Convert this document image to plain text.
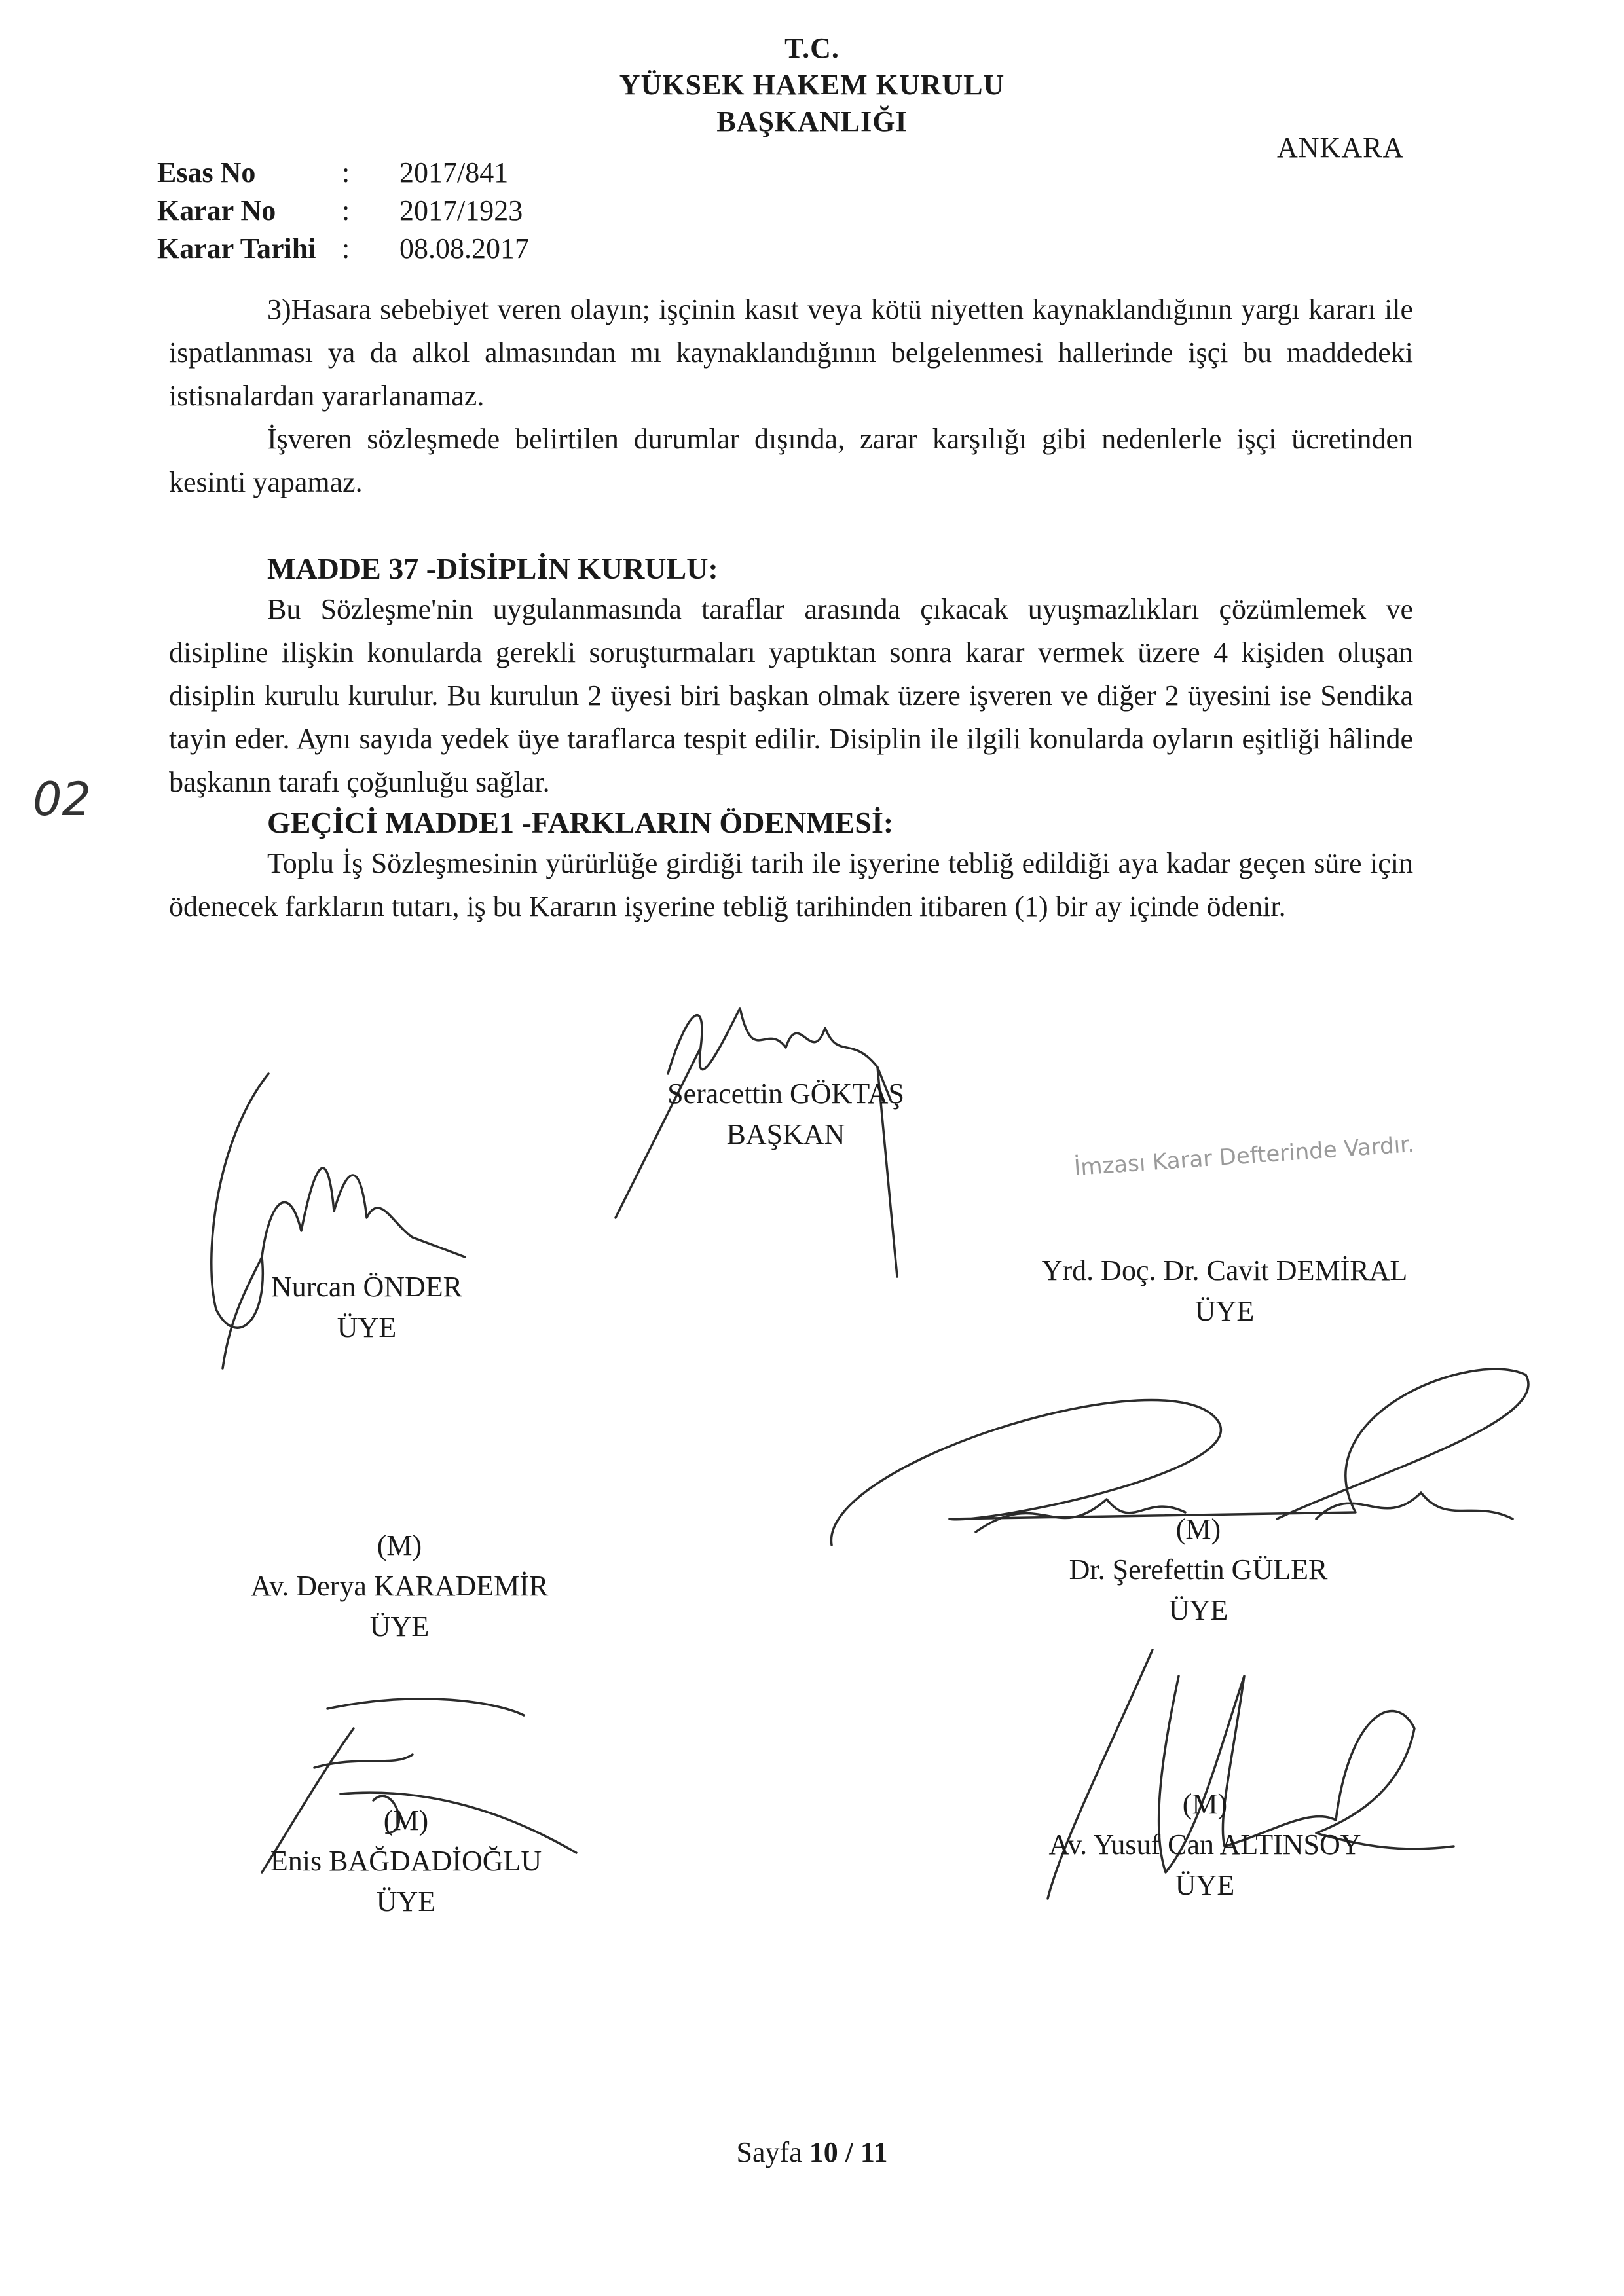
T.C.
YÜKSEK HAKEM KURULU
BAŞKANLIĞI
ANKARA
Esas No	: 2017/841
Karar No : 2017/1923
Karar Tarihi : 08.08.2017

3)Hasara sebebiyet veren olayın; işçinin kasıt veya kötü niyetten kaynaklandığının yargı kararı ile ispatlanması ya da alkol almasından mı kaynaklandığının belgelenmesi hallerinde işçi bu maddedeki istisnalardan yararlanamaz.

İşveren sözleşmede belirtilen durumlar dışında, zarar karşılığı gibi nedenlerle işçi ücretinden kesinti yapamaz.

MADDE 37 -DİSİPLİN KURULU:

Bu Sözleşme'nin uygulanmasında taraflar arasında çıkacak uyuşmazlıkları çözümlemek ve disipline ilişkin konularda gerekli soruşturmaları yaptıktan sonra karar vermek üzere 4 kişiden oluşan disiplin kurulu kurulur. Bu kurulun 2 üyesi biri başkan olmak üzere işveren ve diğer 2 üyesini ise Sendika tayin eder. Aynı sayıda yedek üye taraflarca tespit edilir. Disiplin ile ilgili konularda oyların eşitliği hâlinde başkanın tarafı çoğunluğu sağlar.

GEÇİCİ MADDE1 -FARKLARIN ÖDENMESİ:

Toplu İş Sözleşmesinin yürürlüğe girdiği tarih ile işyerine tebliğ edildiği aya kadar geçen süre için ödenecek farkların tutarı, iş bu Kararın işyerine tebliğ tarihinden itibaren (1) bir ay içinde ödenir.

02
Seracettin GÖKTAŞ
BAŞKAN	İmzası Karar Defterinde Vardır.
Nurcan ÖNDER
ÜYE
Yrd. Doç. Dr. Cavit DEMİRAL
ÜYE
(M)
Av. Derya KARADEMİR
ÜYE
(M)
Dr. Şerefettin GÜLER
ÜYE
(M)
Enis BAĞDADİOĞLU
ÜYE
(M)
Av. Yusuf Can ALTINSOY
ÜYE
Sayfa 10 / 11
